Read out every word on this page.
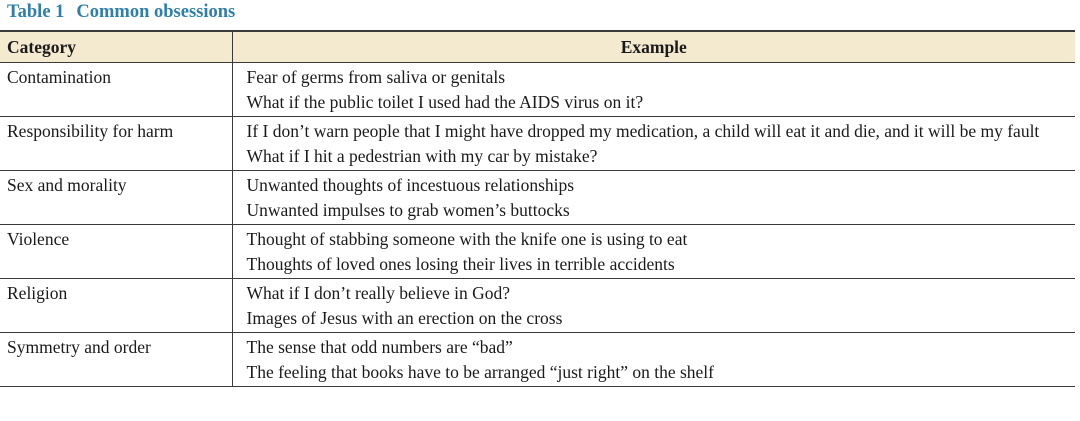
Table 1 Common obsessions
Category	Example
Contamination	Fear of germs from saliva or genitals
What if the public toilet I used had the AIDS virus on it?

Responsibility for harm	If I don’t warn people that I might have dropped my medication, a child will eat it and die, and it will be my fault
What if I hit a pedestrian with my car by mistake?

Sex and morality	Unwanted thoughts of incestuous relationships
Unwanted impulses to grab women’s buttocks

Violence	Thought of stabbing someone with the knife one is using to eat
Thoughts of loved ones losing their lives in terrible accidents

Religion	What if I don’t really believe in God?
Images of Jesus with an erection on the cross

Symmetry and order	The sense that odd numbers are “bad”
The feeling that books have to be arranged “just right” on the shelf
